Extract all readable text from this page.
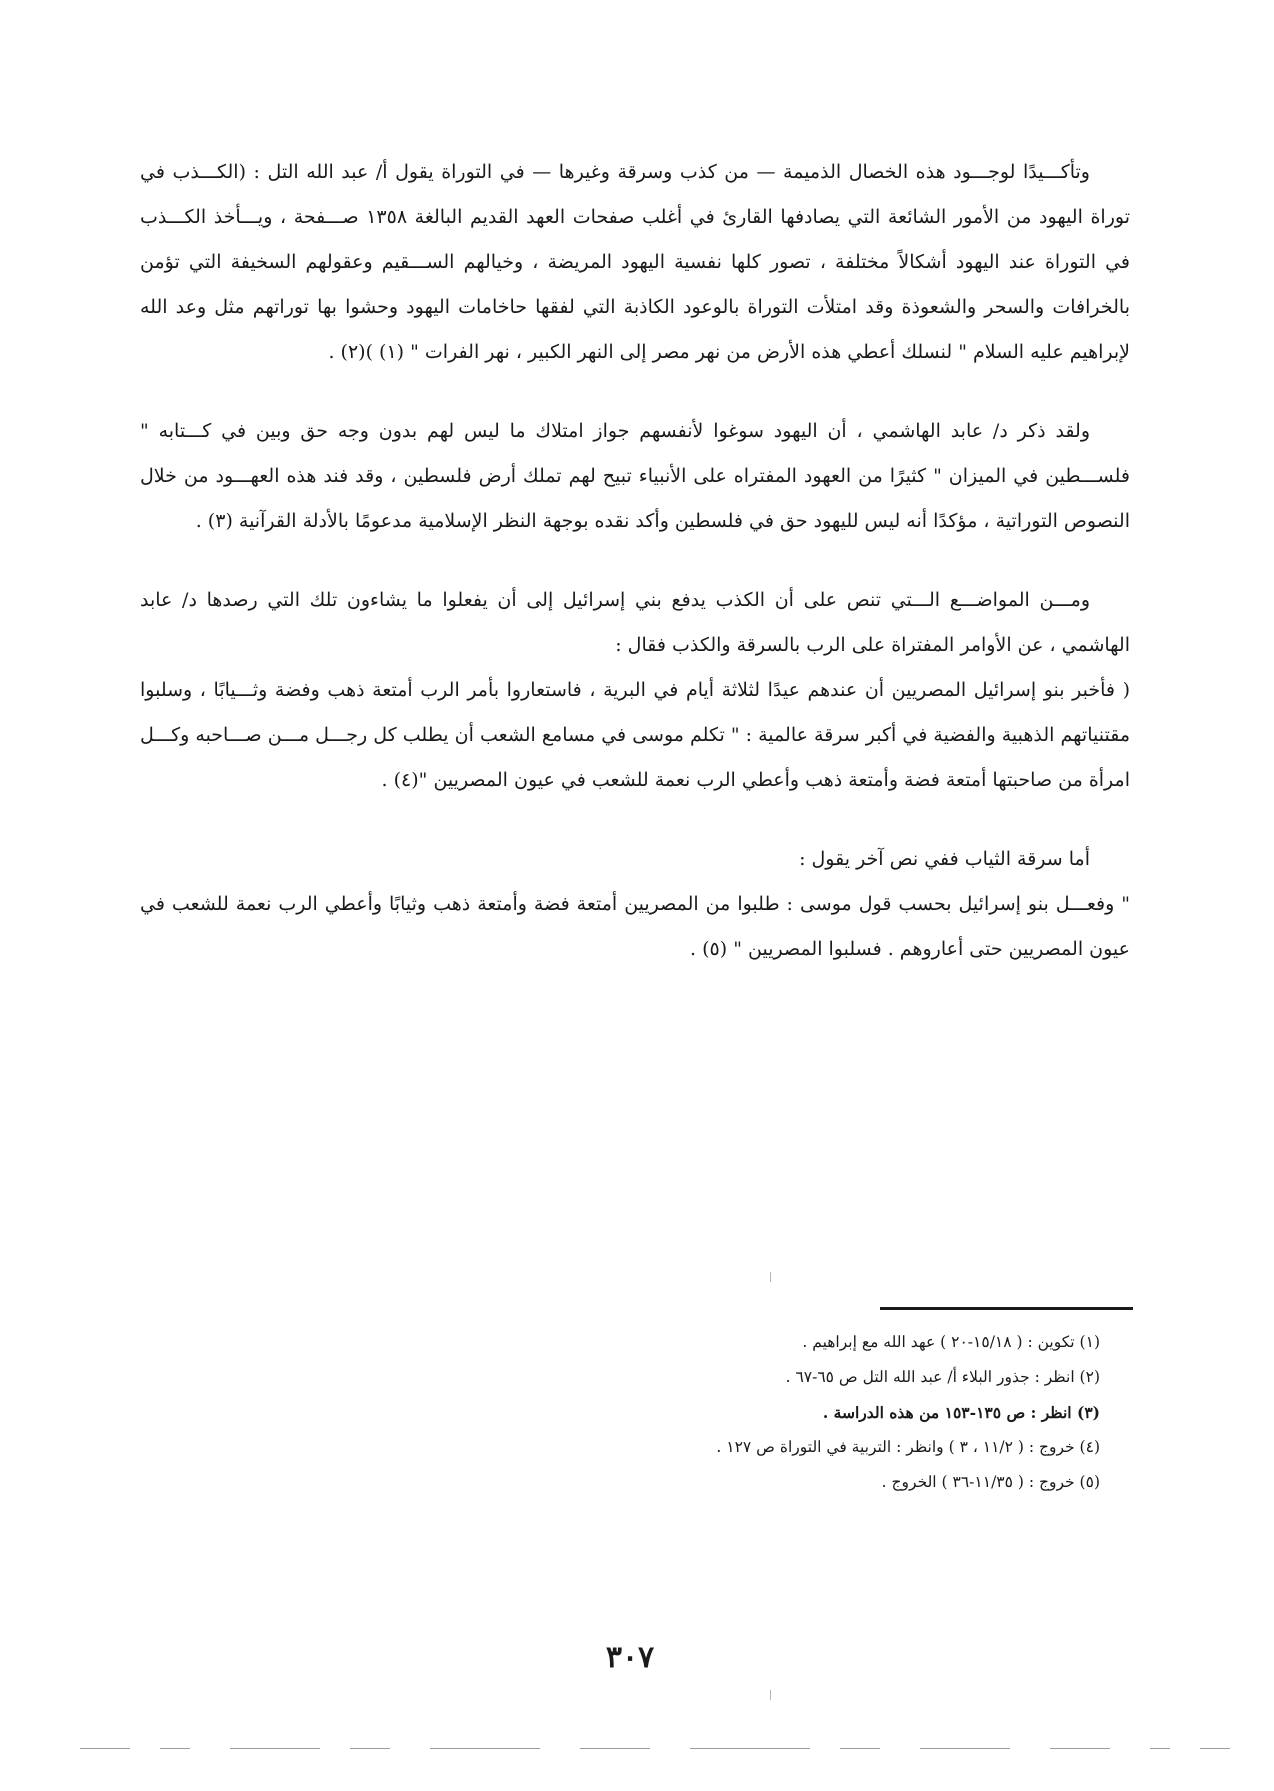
وتأكـــيدًا لوجـــود هذه الخصال الذميمة — من كذب وسرقة وغيرها — في التوراة يقول أ/ عبد الله التل : (الكـــذب في توراة اليهود من الأمور الشائعة التي يصادفها القارئ في أغلب صفحات العهد القديم البالغة ١٣٥٨ صـــفحة ، ويـــأخذ الكـــذب في التوراة عند اليهود أشكالاً مختلفة ، تصور كلها نفسية اليهود المريضة ، وخيالهم الســـقيم وعقولهم السخيفة التي تؤمن بالخرافات والسحر والشعوذة وقد امتلأت التوراة بالوعود الكاذبة التي لفقها حاخامات اليهود وحشوا بها توراتهم مثل وعد الله لإبراهيم عليه السلام " لنسلك أعطي هذه الأرض من نهر مصر إلى النهر الكبير ، نهر الفرات " (١) )(٢) .

ولقد ذكر د/ عابد الهاشمي ، أن اليهود سوغوا لأنفسهم جواز امتلاك ما ليس لهم بدون وجه حق وبين في كـــتابه " فلســـطين في الميزان " كثيرًا من العهود المفتراه على الأنبياء تبيح لهم تملك أرض فلسطين ، وقد فند هذه العهـــود من خلال النصوص التوراتية ، مؤكدًا أنه ليس لليهود حق في فلسطين وأكد نقده بوجهة النظر الإسلامية مدعومًا بالأدلة القرآنية (٣) .

ومـــن المواضـــع الـــتي تنص على أن الكذب يدفع بني إسرائيل إلى أن يفعلوا ما يشاءون تلك التي رصدها د/ عابد الهاشمي ، عن الأوامر المفتراة على الرب بالسرقة والكذب فقال :

( فأخبر بنو إسرائيل المصريين أن عندهم عيدًا لثلاثة أيام في البرية ، فاستعاروا بأمر الرب أمتعة ذهب وفضة وثـــيابًا ، وسلبوا مقتنياتهم الذهبية والفضية في أكبر سرقة عالمية : " تكلم موسى في مسامع الشعب أن يطلب كل رجـــل مـــن صـــاحبه وكـــل امرأة من صاحبتها أمتعة فضة وأمتعة ذهب وأعطي الرب نعمة للشعب في عيون المصريين "(٤) .

أما سرقة الثياب ففي نص آخر يقول :

" وفعـــل بنو إسرائيل بحسب قول موسى : طلبوا من المصريين أمتعة فضة وأمتعة ذهب وثيابًا وأعطي الرب نعمة للشعب في عيون المصريين حتى أعاروهم . فسلبوا المصريين " (٥) .

(١) تكوين : ( ١٥/١٨-٢٠ ) عهد الله مع إبراهيم .

(٢) انظر : جذور البلاء أ/ عبد الله التل ص ٦٥-٦٧ .

(٣) انظر : ص ١٣٥-١٥٣ من هذه الدراسة .

(٤) خروج : ( ١١/٢ ، ٣ ) وانظر : التربية في التوراة ص ١٢٧ .

(٥) خروج : ( ١١/٣٥-٣٦ ) الخروج .

٣٠٧
